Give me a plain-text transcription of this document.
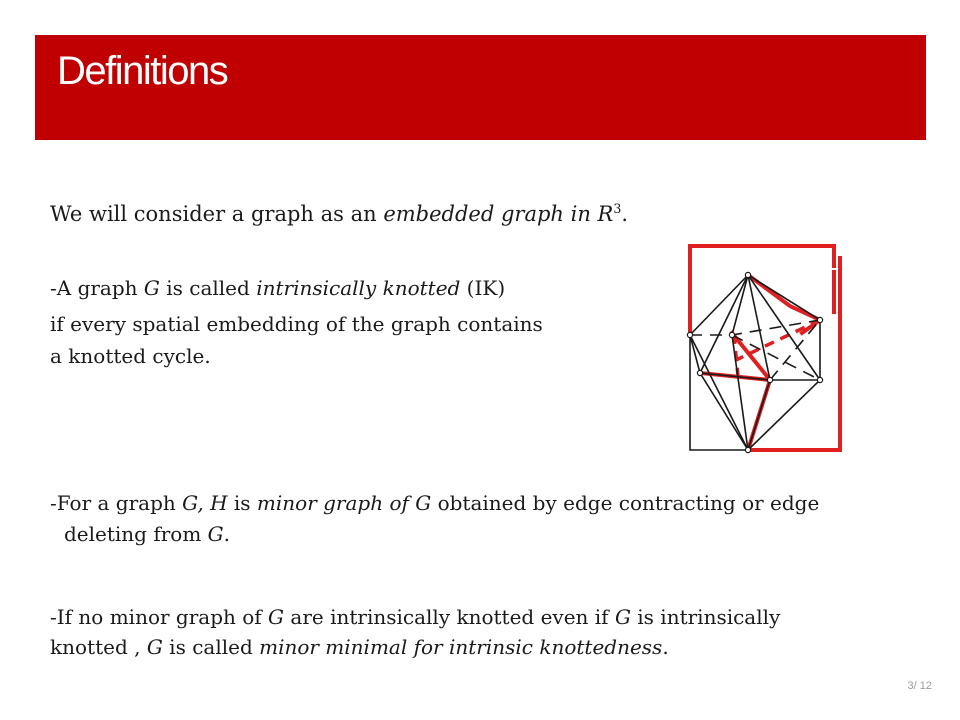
Definitions
We will consider a graph as an embedded graph in $R^3$.
-A graph G is called intrinsically knotted (IK)
if every spatial embedding of the graph contains
a knotted cycle.
-For a graph G, H is minor graph of G obtained by edge contracting or edge
deleting from G.
-If no minor graph of G are intrinsically knotted even if G is intrinsically
knotted , G is called minor minimal for intrinsic knottedness.
3/ 12
